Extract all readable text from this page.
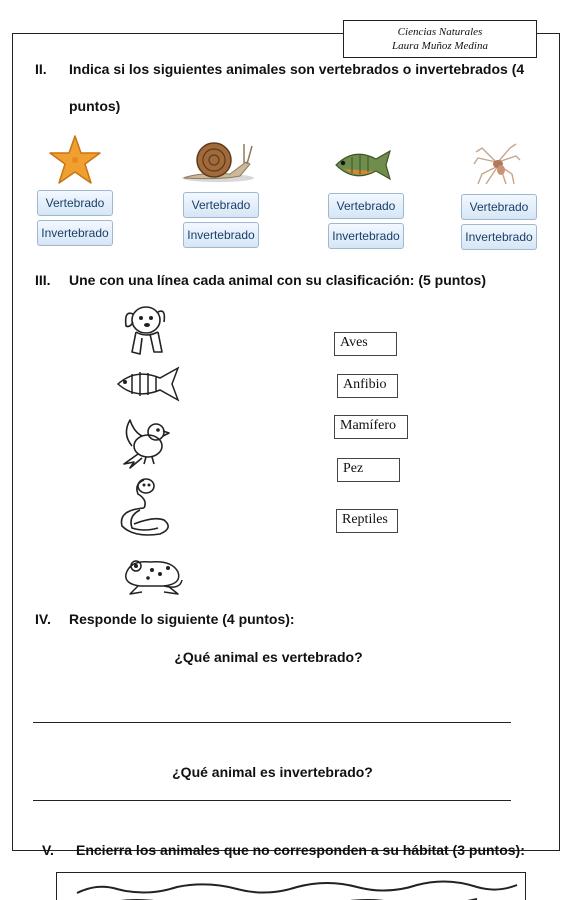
Ciencias Naturales
Laura Muñoz Medina
II. Indica si los siguientes animales son vertebrados o invertebrados (4
puntos)
Vertebrado
Invertebrado
Vertebrado
Invertebrado
Vertebrado
Invertebrado
Vertebrado
Invertebrado
III. Une con una línea cada animal con su clasificación: (5 puntos)
Aves
Anfibio
Mamífero
Pez
Reptiles
IV. Responde lo siguiente (4 puntos):
¿Qué animal es vertebrado?
¿Qué animal es invertebrado?
V. Encierra los animales que no corresponden a su hábitat (3 puntos):
